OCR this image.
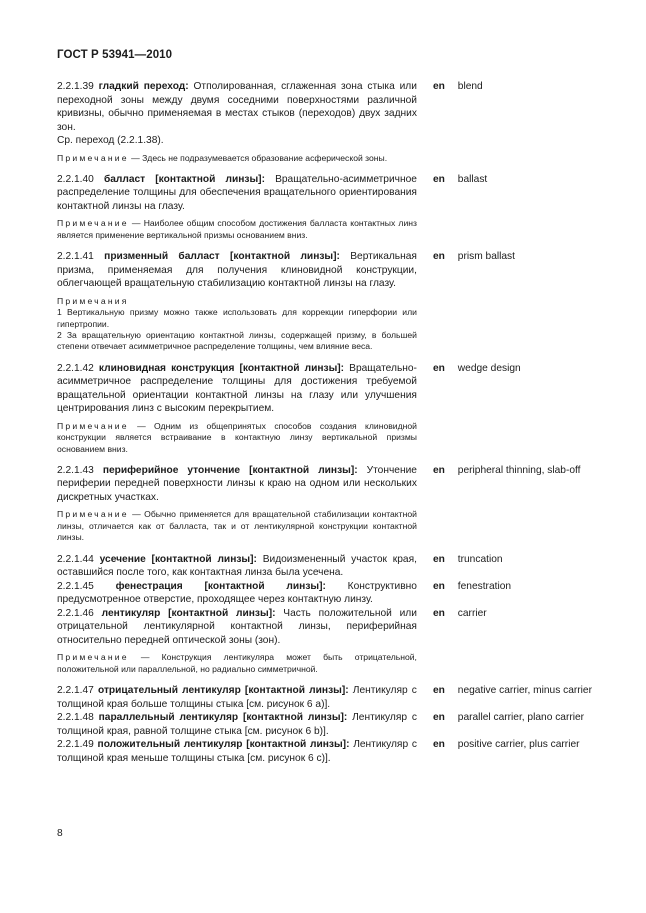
ГОСТ Р 53941—2010
2.2.1.39 гладкий переход: Отполированная, сглаженная зона стыка или переходной зоны между двумя соседними поверхностями различной кривизны, обычно применяемая в местах стыков (переходов) двух задних зон.
Ср. переход (2.2.1.38).
Примечание — Здесь не подразумевается образование асферической зоны.
en	blend
2.2.1.40 балласт [контактной линзы]: Вращательно-асимметричное распределение толщины для обеспечения вращательного ориентирования контактной линзы на глазу.
Примечание — Наиболее общим способом достижения балласта контактных линз является применение вертикальной призмы основанием вниз.
en	ballast
2.2.1.41 призменный балласт [контактной линзы]: Вертикальная призма, применяемая для получения клиновидной конструкции, облегчающей вращательную стабилизацию контактной линзы на глазу.
Примечания
1 Вертикальную призму можно также использовать для коррекции гиперфории или гипертропии.
2 За вращательную ориентацию контактной линзы, содержащей призму, в большей степени отвечает асимметричное распределение толщины, чем влияние веса.
en	prism ballast
2.2.1.42 клиновидная конструкция [контактной линзы]: Вращательно-асимметричное распределение толщины для достижения требуемой вращательной ориентации контактной линзы на глазу или улучшения центрирования линз с высоким перекрытием.
Примечание — Одним из общепринятых способов создания клиновидной конструкции является встраивание в контактную линзу вертикальной призмы основанием вниз.
en	wedge design
2.2.1.43 периферийное утончение [контактной линзы]: Утончение периферии передней поверхности линзы к краю на одном или нескольких дискретных участках.
Примечание — Обычно применяется для вращательной стабилизации контактной линзы, отличается как от балласта, так и от лентикулярной конструкции контактной линзы.
en	peripheral thinning, slab-off
2.2.1.44 усечение [контактной линзы]: Видоизмененный участок края, оставшийся после того, как контактная линза была усечена.
en	truncation
2.2.1.45 фенестрация [контактной линзы]: Конструктивно предусмотренное отверстие, проходящее через контактную линзу.
en	fenestration
2.2.1.46 лентикуляр [контактной линзы]: Часть положительной или отрицательной лентикулярной контактной линзы, периферийная относительно передней оптической зоны (зон).
Примечание — Конструкция лентикуляра может быть отрицательной, положительной или параллельной, но радиально симметричной.
en	carrier
2.2.1.47 отрицательный лентикуляр [контактной линзы]: Лентикуляр с толщиной края больше толщины стыка [см. рисунок 6 а)].
en	negative carrier, minus carrier
2.2.1.48 параллельный лентикуляр [контактной линзы]: Лентикуляр с толщиной края, равной толщине стыка [см. рисунок 6 b)].
en	parallel carrier, plano carrier
2.2.1.49 положительный лентикуляр [контактной линзы]: Лентикуляр с толщиной края меньше толщины стыка [см. рисунок 6 с)].
en	positive carrier, plus carrier
8
